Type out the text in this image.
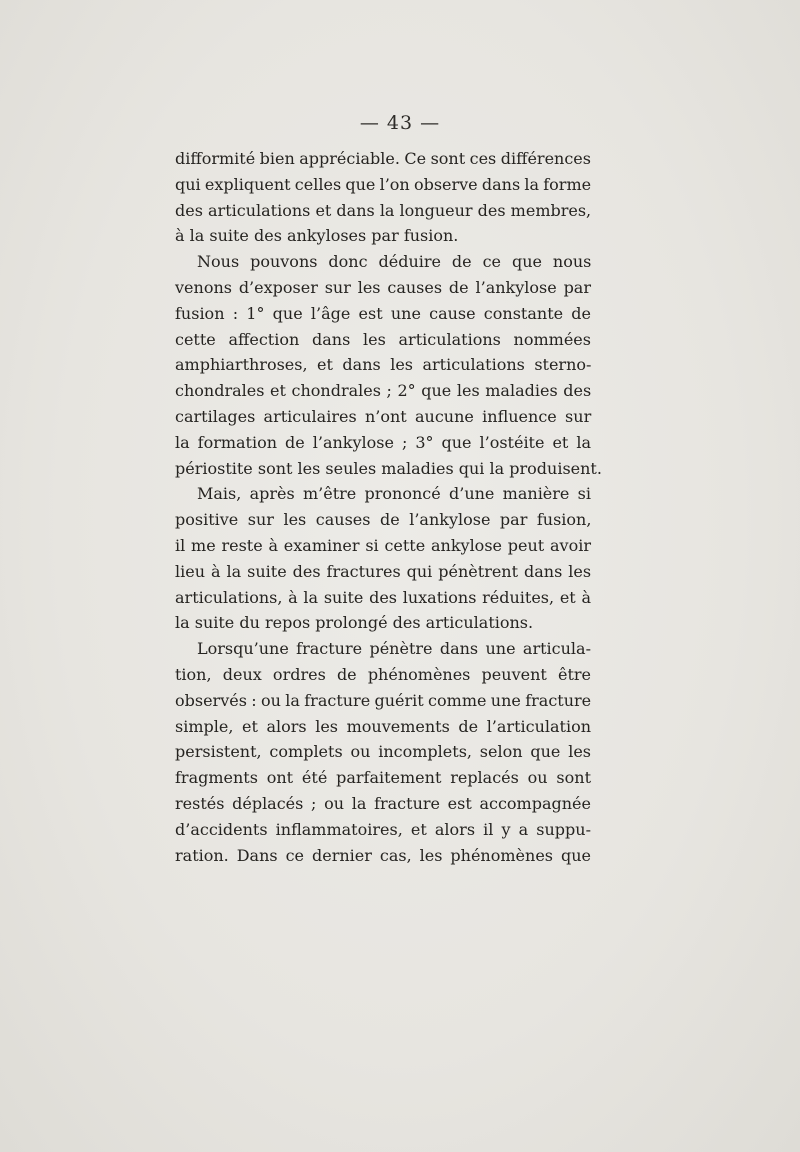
— 43 —

difformité bien appréciable. Ce sont ces différences
qui expliquent celles que l’on observe dans la forme
des articulations et dans la longueur des membres,
à la suite des ankyloses par fusion.

Nous pouvons donc déduire de ce que nous
venons d’exposer sur les causes de l’ankylose par
fusion : 1° que l’âge est une cause constante de
cette affection dans les articulations nommées
amphiarthroses, et dans les articulations sterno-
chondrales et chondrales ; 2° que les maladies des
cartilages articulaires n’ont aucune influence sur
la formation de l’ankylose ; 3° que l’ostéite et la
périostite sont les seules maladies qui la produisent.

Mais, après m’être prononcé d’une manière si
positive sur les causes de l’ankylose par fusion,
il me reste à examiner si cette ankylose peut avoir
lieu à la suite des fractures qui pénètrent dans les
articulations, à la suite des luxations réduites, et à
la suite du repos prolongé des articulations.

Lorsqu’une fracture pénètre dans une articula-
tion, deux ordres de phénomènes peuvent être
observés : ou la fracture guérit comme une fracture
simple, et alors les mouvements de l’articulation
persistent, complets ou incomplets, selon que les
fragments ont été parfaitement replacés ou sont
restés déplacés ; ou la fracture est accompagnée
d’accidents inflammatoires, et alors il y a suppu-
ration. Dans ce dernier cas, les phénomènes que
